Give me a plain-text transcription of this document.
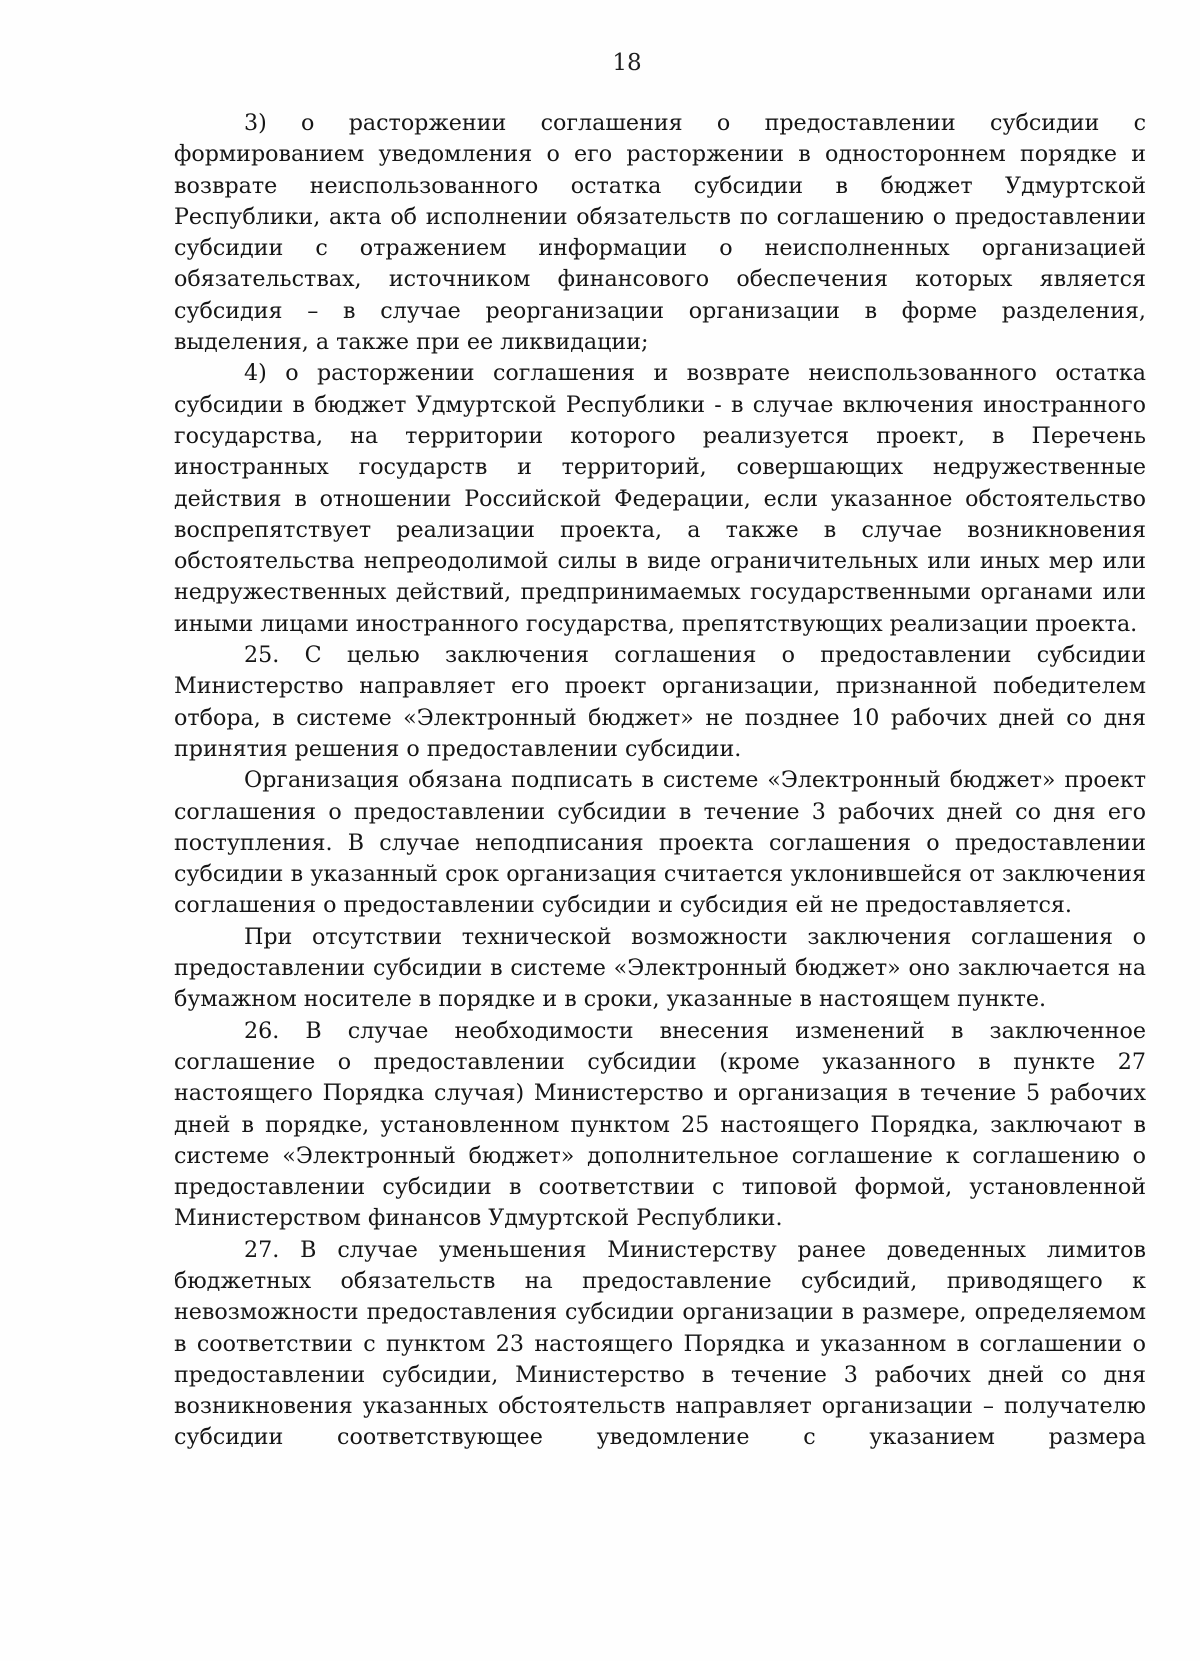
18

3) о расторжении соглашения о предоставлении субсидии с формированием уведомления о его расторжении в одностороннем порядке и возврате неиспользованного остатка субсидии в бюджет Удмуртской Республики, акта об исполнении обязательств по соглашению о предоставлении субсидии с отражением информации о неисполненных организацией обязательствах, источником финансового обеспечения которых является субсидия – в случае реорганизации организации в форме разделения, выделения, а также при ее ликвидации;

4) о расторжении соглашения и возврате неиспользованного остатка субсидии в бюджет Удмуртской Республики - в случае включения иностранного государства, на территории которого реализуется проект, в Перечень иностранных государств и территорий, совершающих недружественные действия в отношении Российской Федерации, если указанное обстоятельство воспрепятствует реализации проекта, а также в случае возникновения обстоятельства непреодолимой силы в виде ограничительных или иных мер или недружественных действий, предпринимаемых государственными органами или иными лицами иностранного государства, препятствующих реализации проекта.

25. С целью заключения соглашения о предоставлении субсидии Министерство направляет его проект организации, признанной победителем отбора, в системе «Электронный бюджет» не позднее 10 рабочих дней со дня принятия решения о предоставлении субсидии.

Организация обязана подписать в системе «Электронный бюджет» проект соглашения о предоставлении субсидии в течение 3 рабочих дней со дня его поступления. В случае неподписания проекта соглашения о предоставлении субсидии в указанный срок организация считается уклонившейся от заключения соглашения о предоставлении субсидии и субсидия ей не предоставляется.

При отсутствии технической возможности заключения соглашения о предоставлении субсидии в системе «Электронный бюджет» оно заключается на бумажном носителе в порядке и в сроки, указанные в настоящем пункте.

26. В случае необходимости внесения изменений в заключенное соглашение о предоставлении субсидии (кроме указанного в пункте 27 настоящего Порядка случая) Министерство и организация в течение 5 рабочих дней в порядке, установленном пунктом 25 настоящего Порядка, заключают в системе «Электронный бюджет» дополнительное соглашение к соглашению о предоставлении субсидии в соответствии с типовой формой, установленной Министерством финансов Удмуртской Республики.

27. В случае уменьшения Министерству ранее доведенных лимитов бюджетных обязательств на предоставление субсидий, приводящего к невозможности предоставления субсидии организации в размере, определяемом в соответствии с пунктом 23 настоящего Порядка и указанном в соглашении о предоставлении субсидии, Министерство в течение 3 рабочих дней со дня возникновения указанных обстоятельств направляет организации – получателю субсидии соответствующее уведомление с указанием размера
